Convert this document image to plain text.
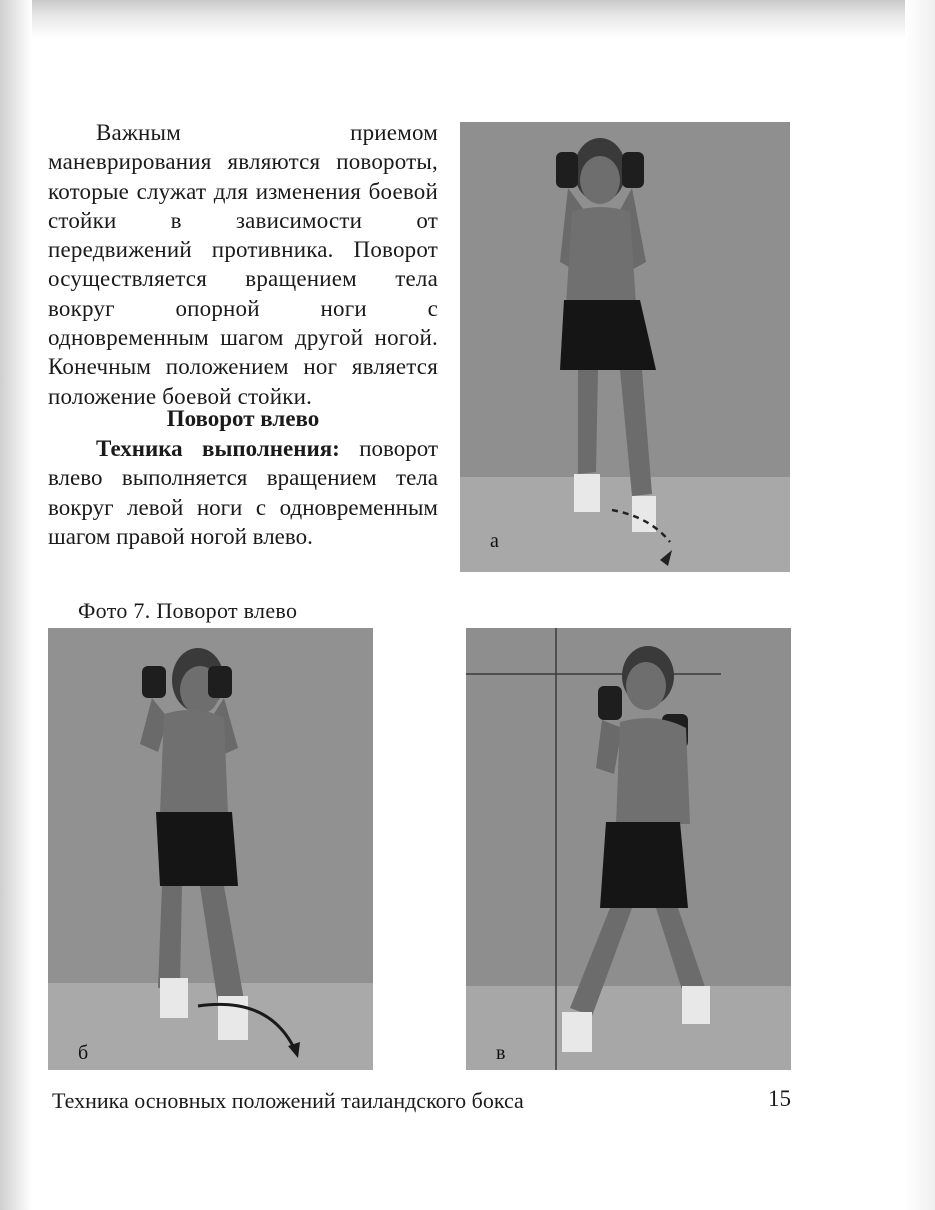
Важным приемом маневрирования являются повороты, которые служат для изменения боевой стойки в зависимости от передвижений противника. Поворот осуществляется вращением тела вокруг опорной ноги с одновременным шагом другой ногой. Конечным положением ног является положение боевой стойки.
Поворот влево
Техника выполнения: поворот влево выполняется вращением тела вокруг левой ноги с одновременным шагом правой ногой влево.	а
Фото 7. Поворот влево
б	в
Техника основных положений таиландского бокса	15
